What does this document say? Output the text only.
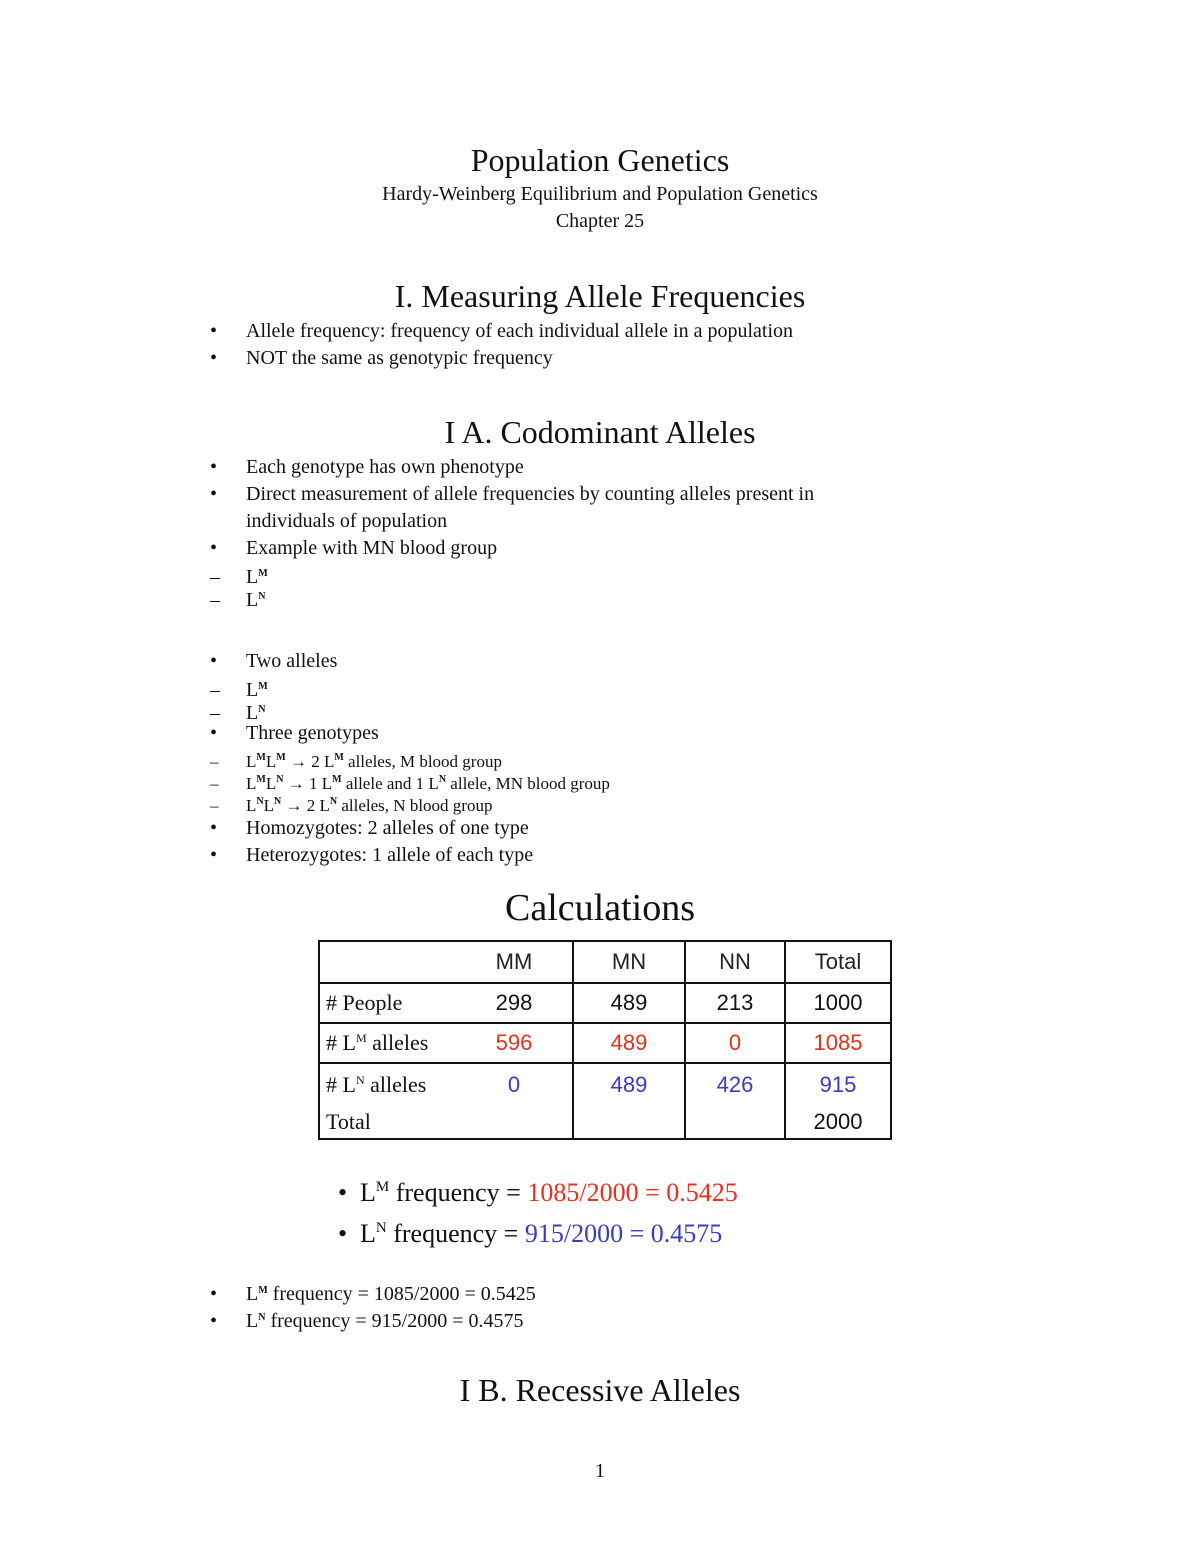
Population Genetics
Hardy-Weinberg Equilibrium and Population Genetics
Chapter 25
I. Measuring Allele Frequencies
• Allele frequency: frequency of each individual allele in a population
• NOT the same as genotypic frequency
I A. Codominant Alleles
• Each genotype has own phenotype
• Direct measurement of allele frequencies by counting alleles present in
individuals of population
• Example with MN blood group
– $L^M$
– $L^N$
• Two alleles
– $L^M$
– $L^N$
• Three genotypes
– $L^ML^M \to 2$ $L^M$ alleles, M blood group
– $L^ML^N \to 1$ $L^M$ allele and 1 $L^N$ allele, MN blood group
– $L^NL^N \to 2$ $L^N$ alleles, N blood group
• Homozygotes: 2 alleles of one type
• Heterozygotes: 1 allele of each type
Calculations
	MM	MN	NN	Total
# People	298	489	213	1000
# $L^M$ alleles	596	489	0	1085
# $L^N$ alleles	0	489	426	915
Total				2000
• $L^M$ frequency = 1085/2000 = 0.5425
• $L^N$ frequency = 915/2000 = 0.4575
• $L^M$ frequency = 1085/2000 = 0.5425
• $L^N$ frequency = 915/2000 = 0.4575
I B. Recessive Alleles
1
